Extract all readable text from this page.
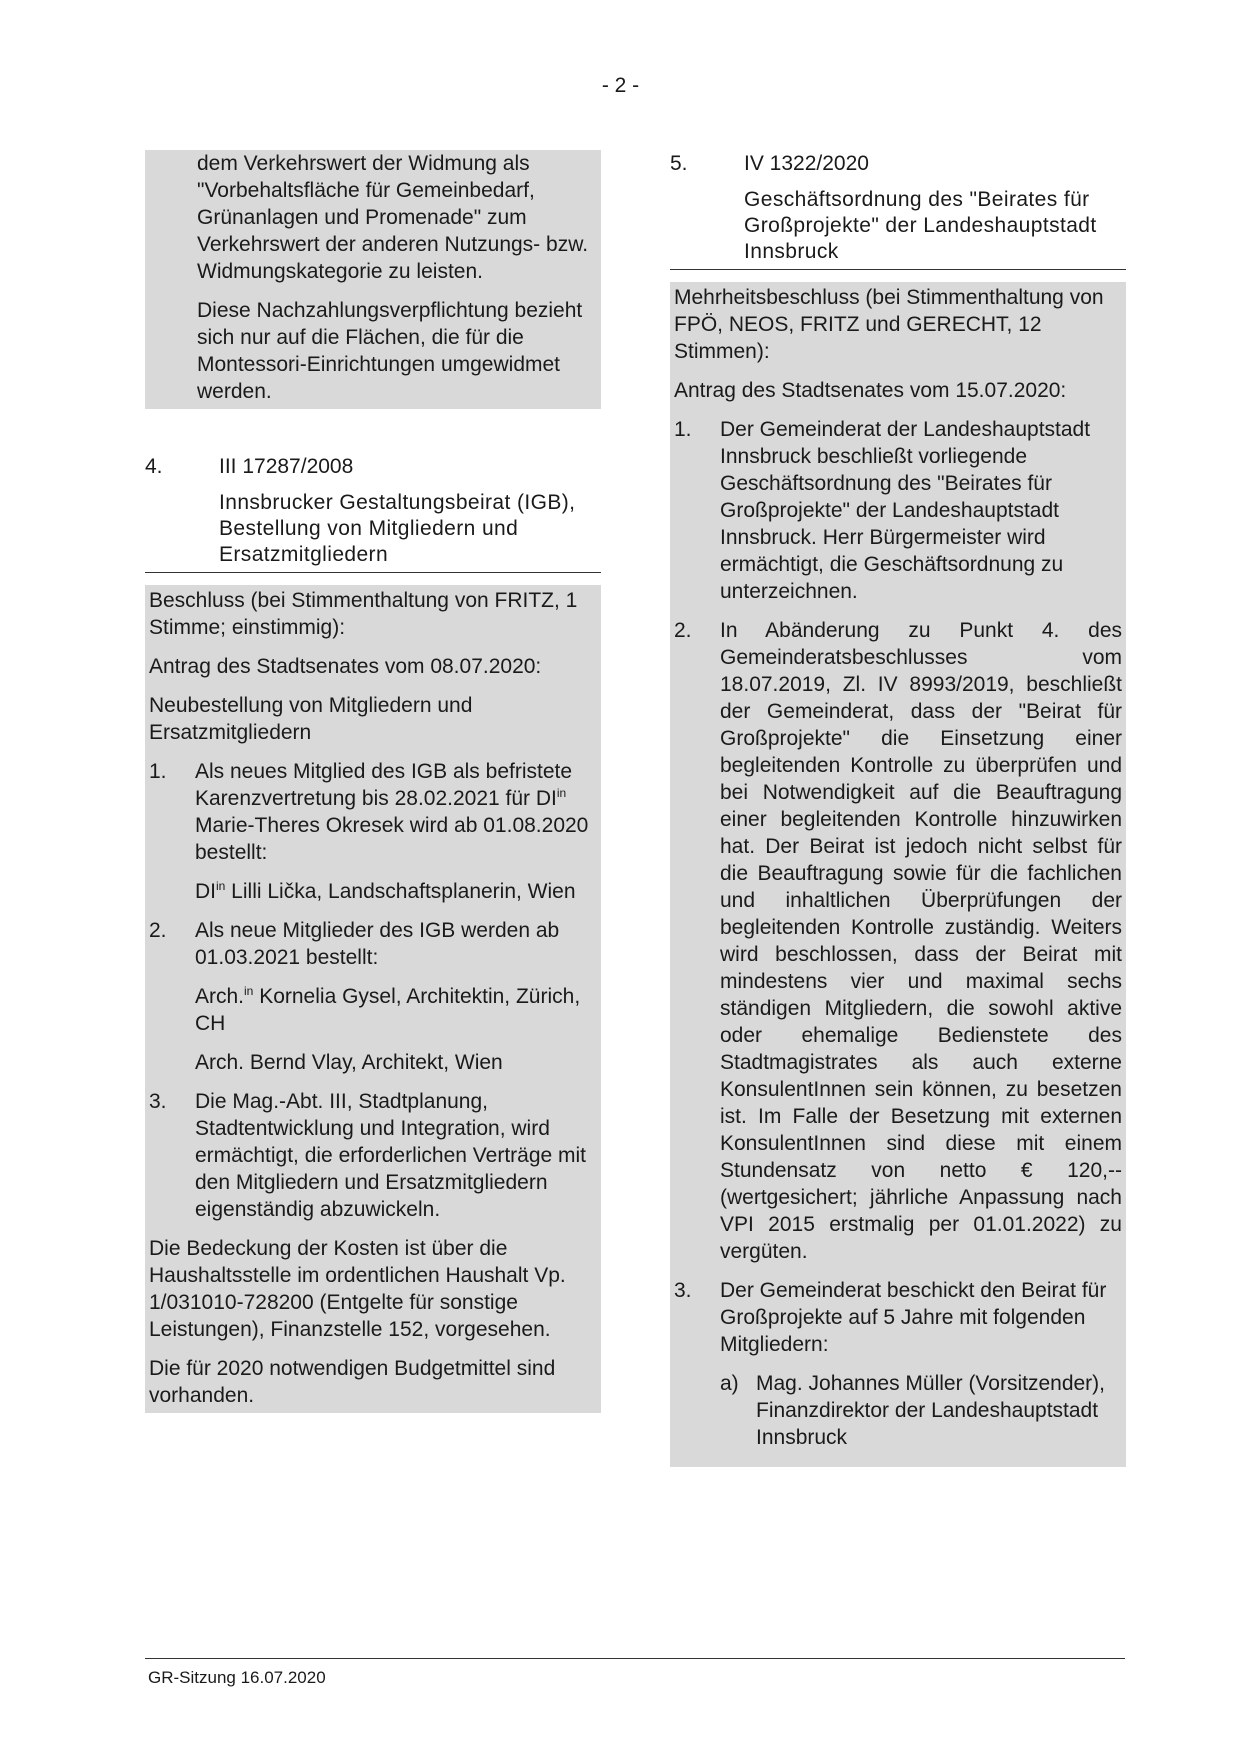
- 2 -

dem Verkehrswert der Widmung als "Vorbehaltsfläche für Gemeinbedarf, Grünanlagen und Promenade" zum Verkehrswert der anderen Nutzungs- bzw. Widmungskategorie zu leisten.

Diese Nachzahlungsverpflichtung bezieht sich nur auf die Flächen, die für die Montessori-Einrichtungen umgewidmet werden.

4.	III 17287/2008
Innsbrucker Gestaltungsbeirat (IGB), Bestellung von Mitgliedern und Ersatzmitgliedern

Beschluss (bei Stimmenthaltung von FRITZ, 1 Stimme; einstimmig):

Antrag des Stadtsenates vom 08.07.2020:

Neubestellung von Mitgliedern und Ersatzmitgliedern

1.	Als neues Mitglied des IGB als befristete Karenzvertretung bis 28.02.2021 für $DI^{in}$ Marie-Theres Okresek wird ab 01.08.2020 bestellt:

$DI^{in}$ Lilli Lička, Landschaftsplanerin, Wien

2.	Als neue Mitglieder des IGB werden ab 01.03.2021 bestellt:

Arch.$^{in}$ Kornelia Gysel, Architektin, Zürich, CH

Arch. Bernd Vlay, Architekt, Wien

3.	Die Mag.-Abt. III, Stadtplanung, Stadtentwicklung und Integration, wird ermächtigt, die erforderlichen Verträge mit den Mitgliedern und Ersatzmitgliedern eigenständig abzuwickeln.

Die Bedeckung der Kosten ist über die Haushaltsstelle im ordentlichen Haushalt Vp. 1/031010-728200 (Entgelte für sonstige Leistungen), Finanzstelle 152, vorgesehen.

Die für 2020 notwendigen Budgetmittel sind vorhanden.

5.	IV 1322/2020
Geschäftsordnung des "Beirates für Großprojekte" der Landeshauptstadt Innsbruck

Mehrheitsbeschluss (bei Stimmenthaltung von FPÖ, NEOS, FRITZ und GERECHT, 12 Stimmen):

Antrag des Stadtsenates vom 15.07.2020:

1.	Der Gemeinderat der Landeshauptstadt Innsbruck beschließt vorliegende Geschäftsordnung des "Beirates für Großprojekte" der Landeshauptstadt Innsbruck. Herr Bürgermeister wird ermächtigt, die Geschäftsordnung zu unterzeichnen.

2.	In Abänderung zu Punkt 4. des Gemeinderatsbeschlusses vom 18.07.2019, Zl. IV 8993/2019, beschließt der Gemeinderat, dass der "Beirat für Großprojekte" die Einsetzung einer begleitenden Kontrolle zu überprüfen und bei Notwendigkeit auf die Beauftragung einer begleitenden Kontrolle hinzuwirken hat. Der Beirat ist jedoch nicht selbst für die Beauftragung sowie für die fachlichen und inhaltlichen Überprüfungen der begleitenden Kontrolle zuständig. Weiters wird beschlossen, dass der Beirat mit mindestens vier und maximal sechs ständigen Mitgliedern, die sowohl aktive oder ehemalige Bedienstete des Stadtmagistrates als auch externe KonsulentInnen sein können, zu besetzen ist. Im Falle der Besetzung mit externen KonsulentInnen sind diese mit einem Stundensatz von netto € 120,-- (wertgesichert; jährliche Anpassung nach VPI 2015 erstmalig per 01.01.2022) zu vergüten.

3.	Der Gemeinderat beschickt den Beirat für Großprojekte auf 5 Jahre mit folgenden Mitgliedern:

a) Mag. Johannes Müller (Vorsitzender), Finanzdirektor der Landeshauptstadt Innsbruck
GR-Sitzung 16.07.2020
